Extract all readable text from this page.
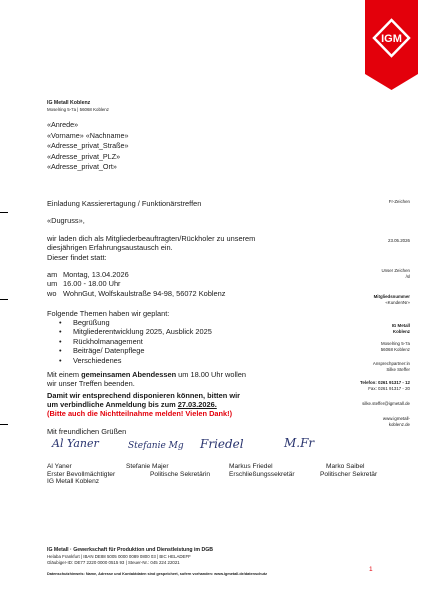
IGM
IG Metall Koblenz
Moselring 5-7a | 56068 Koblenz
«Anrede»
«Vorname» «Nachname»
«Adresse_privat_Straße»
«Adresse_privat_PLZ»
«Adresse_privat_Ort»
Fr-Zeichen
23.05.2026
Unser Zeichen
/sl
Mitgliedsnummer
«KundenNr»
IG Metall
Koblenz
Moselring 5-7a
56068 Koblenz
Ansprechpartner:in
Silke Steffer
Telefon: 0261 91317 - 12
Fax: 0261 91317 - 20
silke.steffer@igmetall.de
www.igmetall-
koblenz.de
Einladung Kassierertagung / Funktionärstreffen
«Dugruss»,
wir laden dich als Mitgliederbeauftragten/Rückholer zu unserem
diesjährigen Erfahrungsaustausch ein.
Dieser findet statt:
am Montag, 13.04.2026
um 16.00 - 18.00 Uhr
wo WohnGut, Wolfskaulstraße 94-98, 56072 Koblenz
Folgende Themen haben wir geplant:
• Begrüßung
• Mitgliederentwicklung 2025, Ausblick 2025
• Rückholmanagement
• Beiträge/ Datenpflege
• Verschiedenes
Mit einem gemeinsamen Abendessen um 18.00 Uhr wollen
wir unser Treffen beenden.
Damit wir entsprechend disponieren können, bitten wir
um verbindliche Anmeldung bis zum 27.03.2026.
(Bitte auch die Nichtteilnahme melden! Vielen Dank!)
Mit freundlichen Grüßen
Al Yaner	Stefanie Mg Friedel	M.Fr
Al Yaner
Erster Bevollmächtigter
IG Metall Koblenz
Stefanie Majer
Politische Sekretärin
Markus Friedel
Erschließungssekretär
Marko Saibel
Politischer Sekretär
IG Metall · Gewerkschaft für Produktion und Dienstleistung im DGB
Helaba Frankfurt | IBAN DE88 5005 0000 0089 0800 03 | BIC HELADEFF
Gläubiger-ID: DE77 2220 0000 0515 93 | Steuer-Nr.: 045 224 22021
Datenschutzhinweis: Name, Adresse und Kontaktdaten sind gespeichert, sofern vorhanden: www.igmetall.de/datenschutz
1
